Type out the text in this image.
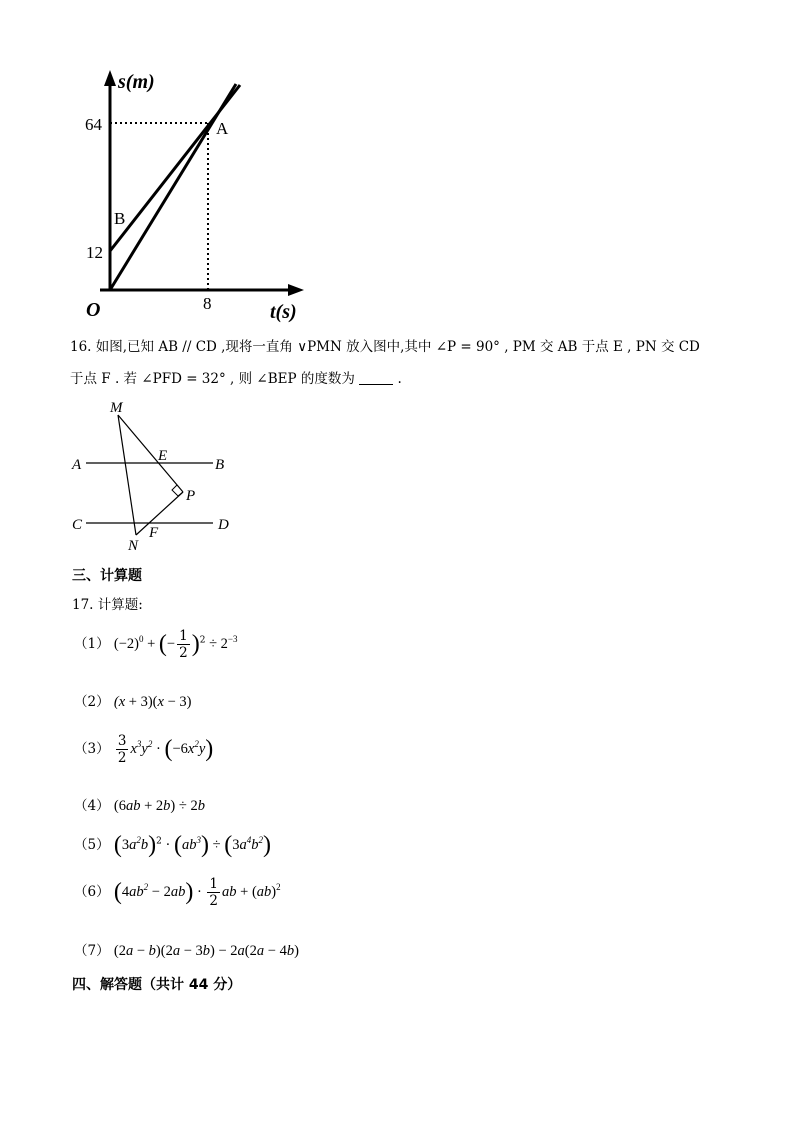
s(m)
64	A
B
12
O	8	t(s)
16. 如图,已知 AB // CD ,现将一直角 ∨PMN 放入图中,其中 ∠P = 90° , PM 交 AB 于点 E , PN 交 CD
于点 F . 若 ∠PFD = 32° , 则 ∠BEP 的度数为	.
M
A
E
B
P
C	D
F
N
三、计算题
17. 计算题:
（1） $(-2)^0$ + (− $\frac{1}{2} )^2 \div 2^{-3}$
（2） (x + 3)(x − 3)
$(3) \frac{3}{2} x^3y^2 \cdot (-6x^2y)$
（4） (6ab + 2b) ÷ 2b
（5） $(3a^2b)^2 \cdot (ab^3) \div (3a^4b^2)$
（6） $(4ab^2 - 2ab) \cdot \frac{1}{2}$ ab + (ab)$^2$
（7） (2a − b)(2a − 3b) − 2a(2a − 4b)
四、解答题（共计 44 分）
